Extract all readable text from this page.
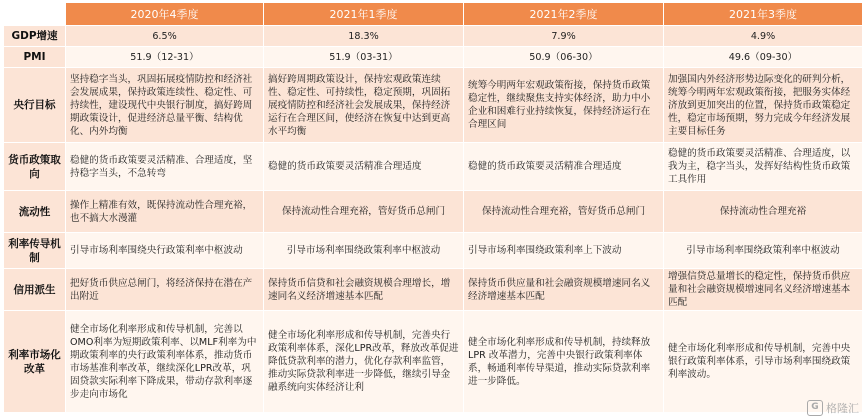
	2020年4季度	2021年1季度	2021年2季度	2021年3季度
GDP增速	6.5%	18.3%	7.9%	4.9%
PMI	51.9（12-31）	51.9（03-31）	50.9（06-30）	49.6（09-30）
央行目标	坚持稳字当头，巩固拓展疫情防控和经济社会发展成果，保持政策连续性、稳定性、可持续性，建设现代中央银行制度，搞好跨周期政策设计，促进经济总量平衡、结构优化、内外均衡	搞好跨周期政策设计，保持宏观政策连续性、稳定性、可持续性，稳定预期，巩固拓展疫情防控和经济社会发展成果，保持经济运行在合理区间，使经济在恢复中达到更高水平均衡	统筹今明两年宏观政策衔接，保持货币政策稳定性，继续聚焦支持实体经济，助力中小企业和困难行业持续恢复，保持经济运行在合理区间	加强国内外经济形势边际变化的研判分析，统筹今明两年宏观政策衔接，把服务实体经济放到更加突出的位置，保持货币政策稳定性，稳定市场预期，努力完成今年经济发展主要目标任务
货币政策取向	稳健的货币政策要灵活精准、合理适度，坚持稳字当头，不急转弯	稳健的货币政策要灵活精准合理适度	稳健的货币政策要灵活精准合理适度	稳健的货币政策要灵活精准、合理适度，以我为主，稳字当头，发挥好结构性货币政策工具作用
流动性	操作上精准有效，既保持流动性合理充裕，也不搞大水漫灌	保持流动性合理充裕，管好货币总闸门	保持流动性合理充裕，管好货币总闸门	保持流动性合理充裕
利率传导机制	引导市场利率围绕央行政策利率中枢波动	引导市场利率围绕政策利率中枢波动	引导市场利率围绕政策利率上下波动	引导市场利率围绕政策利率中枢波动
信用派生	把好货币供应总闸门，将经济保持在潜在产出附近	保持货币信贷和社会融资规模合理增长，增速同名义经济增速基本匹配	保持货币供应量和社会融资规模增速同名义经济增速基本匹配	增强信贷总量增长的稳定性，保持货币供应量和社会融资规模增速同名义经济增速基本匹配
利率市场化改革	健全市场化利率形成和传导机制，完善以OMO利率为短期政策利率、以MLF利率为中期政策利率的央行政策利率体系，推动货币市场基准利率改革，继续深化LPR改革，巩固贷款实际利率下降成果，带动存款利率逐步走向市场化	健全市场化利率形成和传导机制，完善央行政策利率体系，深化LPR改革，释放改革促进降低贷款利率的潜力，优化存款利率监管，推动实际贷款利率进一步降低，继续引导金融系统向实体经济让利	健全市场化利率形成和传导机制，持续释放 LPR 改革潜力，完善中央银行政策利率体系，畅通利率传导渠道，推动实际贷款利率进一步降低。	健全市场化利率形成和传导机制，完善中央银行政策利率体系，引导市场利率围绕政策利率波动。
G 格隆汇
